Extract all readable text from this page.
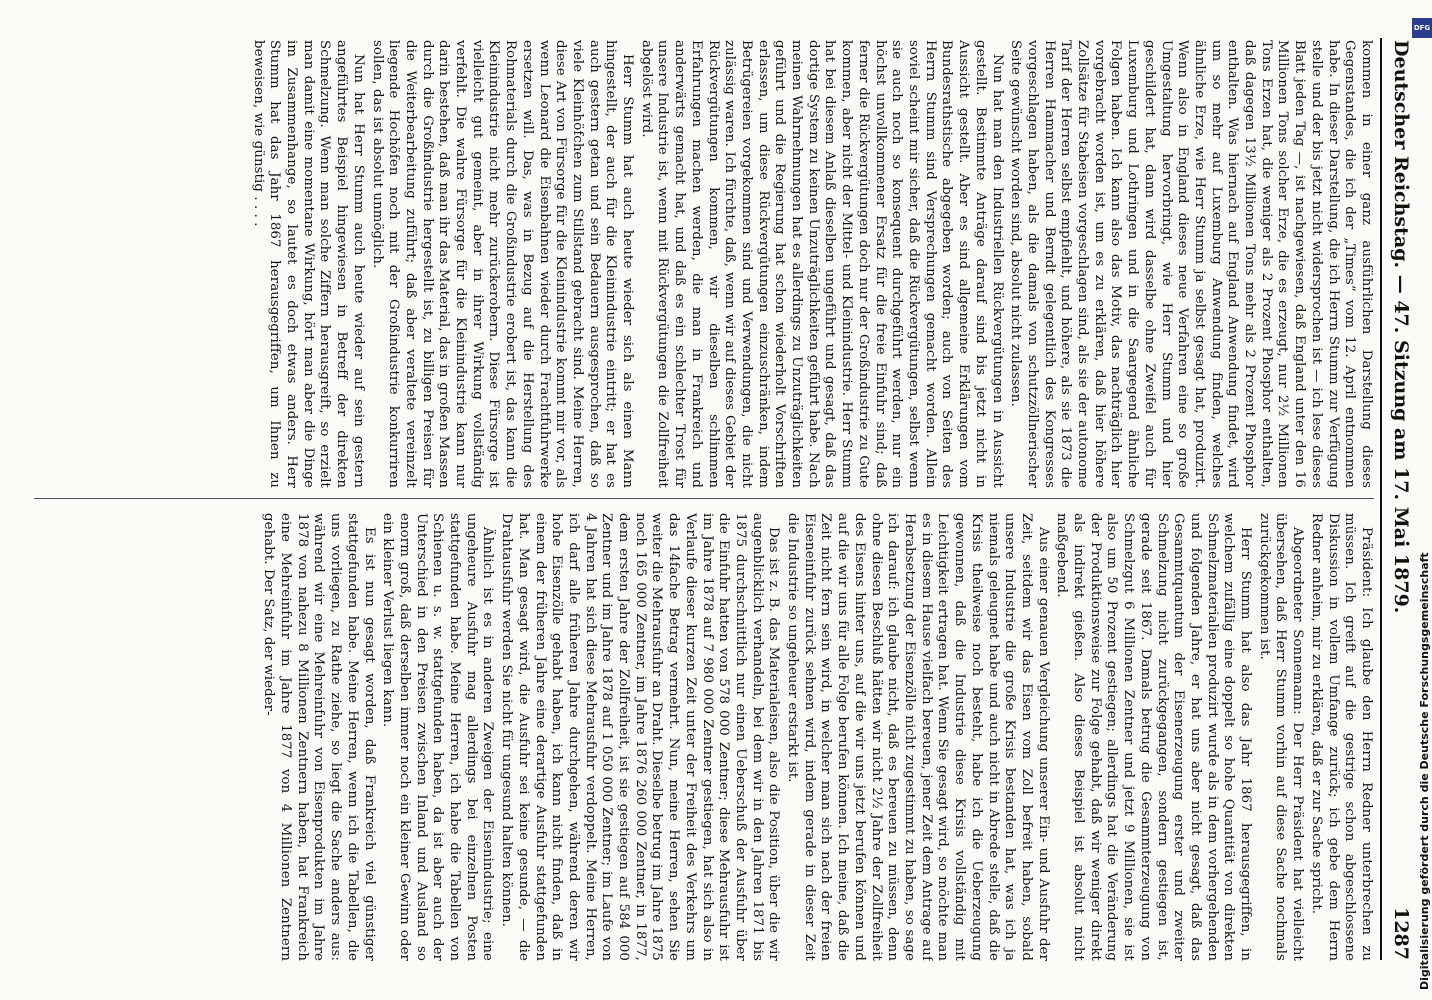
Deutscher Reichstag. — 47. Sitzung am 17. Mai 1879.
1287

kommen in einer ganz ausführlichen Darstellung dieses Gegenstandes, die ich der „Times“ vom 12. April entnommen habe. In dieser Darstellung, die ich Herrn Stumm zur Verfügung stelle und der bis jetzt nicht widersprochen ist — ich lese dieses Blatt jeden Tag —, ist nachgewiesen, daß England unter den 16 Millionen Tons solcher Erze, die es erzeugt, nur 2½ Millionen Tons Erzen hat, die weniger als 2 Prozent Phosphor enthalten, daß dagegen 13½ Millionen Tons mehr als 2 Prozent Phosphor enthalten. Was hiernach auf England Anwendung findet, wird um so mehr auf Luxemburg Anwendung finden, welches ähnliche Erze, wie Herr Stumm ja selbst gesagt hat, produzirt. Wenn also in England dieses neue Verfahren eine so große Umgestaltung hervorbringt, wie Herr Stumm und hier geschildert hat, dann wird dasselbe ohne Zweifel auch für Luxemburg und Lothringen und in die Saargegend ähnliche Folgen haben. Ich kann also das Motiv, das nachträglich hier vorgebracht worden ist, um es zu erklären, daß hier höhere Zollsätze für Stabeisen vorgeschlagen sind, als sie der autonome Tarif der Herren selbst empfiehlt, und höhere, als sie 1873 die Herren Hammacher und Berndt gelegentlich des Kongresses vorgeschlagen haben, als die damals von schutzzöllnerischer Seite gewünscht worden sind, absolut nicht zulassen.

Nun hat man den Industriellen Rückvergütungen in Aussicht gestellt. Bestimmte Anträge darauf sind bis jetzt nicht in Aussicht gestellt. Aber es sind allgemeine Erklärungen vom Bundesrathstische abgegeben worden; auch von Seiten des Herrn Stumm sind Versprechungen gemacht worden. Allein soviel scheint mir sicher, daß die Rückvergütungen, selbst wenn sie auch noch so konsequent durchgeführt werden, nur ein höchst unvollkommener Ersatz für die freie Einfuhr sind; daß ferner die Rückvergütungen doch nur der Großindustrie zu Gute kommen, aber nicht der Mittel- und Kleinindustrie. Herr Stumm hat bei diesem Anlaß dieselben ungeführt und gesagt, daß das dortige System zu keinen Unzuträglichkeiten geführt habe. Nach meinen Wahrnehmungen hat es allerdings zu Unzuträglichkeiten geführt und die Regierung hat schon wiederholt Vorschriften erlassen, um diese Rückvergütungen einzuschränken, indem Betrügereien vorgekommen sind und Verwendungen, die nicht zulässig waren. Ich fürchte, daß, wenn wir auf dieses Gebiet der Rückvergütungen kommen, wir dieselben schlimmen Erfahrungen machen werden, die man in Frankreich und anderwärts gemacht hat, und daß es ein schlechter Trost für unsere Industrie ist, wenn mit Rückvergütungen die Zollfreiheit abgelöst wird.

Herr Stumm hat auch heute wieder sich als einen Mann hingestellt, der auch für die Kleinindustrie eintritt; er hat es auch gestern getan und sein Bedauern ausgesprochen, daß so viele Kleinhöfchen zum Stillstand gebracht sind. Meine Herren, diese Art von Fürsorge für die Kleinindustrie kommt mir vor, als wenn Leonard die Eisenbahnen wieder durch Frachtfuhrwerke ersetzen will. Das, was in Bezug auf die Herstellung des Rohmaterials durch die Großindustrie erobert ist, das kann die Kleinindustrie nicht mehr zurückerobern. Diese Fürsorge ist vielleicht gut gemeint, aber in ihrer Wirkung vollständig verfehlt. Die wahre Fürsorge für die Kleinindustrie kann nur darin bestehen, daß man ihr das Material, das in großen Massen durch die Großindustrie hergestellt ist, zu billigen Preisen für die Weiterbearbeitung zuführt; daß aber veraltete vereinzelt liegende Hochöfen noch mit der Großindustrie konkurriren sollen, das ist absolut unmöglich.

Nun hat Herr Stumm auch heute wieder auf sein gestern angeführtes Beispiel hingewiesen in Betreff der direkten Schmelzung. Wenn man solche Ziffern herausgreift, so erzielt man damit eine momentane Wirkung, hört man aber die Dinge im Zusammenhange, so lautet es doch etwas anders. Herr Stumm hat das Jahr 1867 herausgegriffen, um Ihnen zu beweisen, wie günstig . . . .

Präsident: Ich glaube den Herrn Redner unterbrechen zu müssen. Ich greift auf die gestrige schon abgeschlossene Diskussion in vollem Umfange zurück; ich gebe dem Herrn Redner anheim, mir zu erklären, daß er zur Sache spricht.

Abgeordneter Sonnemann: Der Herr Präsident hat vielleicht übersehen, daß Herr Stumm vorhin auf diese Sache nochmals zurückgekommen ist.

Herr Stumm hat also das Jahr 1867 herausgegriffen, in welchem zufällig eine doppelt so hohe Quantität von direkten Schmelzmaterialien produzirt wurde als in dem vorhergehenden und folgenden Jahre, er hat uns aber nicht gesagt, daß das Gesammtquantum der Eisenerzeugung erster und zweiter Schmelzung nicht zurückgegangen, sondern gestiegen ist, gerade seit 1867. Damals betrug die Gesammterzeugung von Schmelzgut 6 Millionen Zentner und jetzt 9 Millionen, sie ist also um 50 Prozent gestiegen; allerdings hat die Veränderung der Produktionsweise zur Folge gehabt, daß wir weniger direkt als indirekt gießen. Also dieses Beispiel ist absolut nicht maßgebend.

Aus einer genauen Vergleichung unserer Ein- und Ausfuhr der Zeit, seitdem wir das Eisen vom Zoll befreit haben, sobald unsere Industrie die große Krisis bestanden hat, was ich ja niemals geleugnet habe und auch nicht in Abrede stelle, daß die Krisis theilweise noch besteht, habe ich die Ueberzeugung gewonnen, daß die Industrie diese Krisis vollständig mit Leichtigkeit ertragen hat. Wenn Sie gesagt wird, so möchte man es in diesem Hause vielfach bereuen, jener Zeit dem Antrage auf Herabsetzung der Eisenzölle nicht zugestimmt zu haben, so sage ich darauf: ich glaube nicht, daß es bereuen zu müssen, denn ohne diesen Beschluß hätten wir nicht 2½ Jahre der Zollfreiheit des Eisens hinter uns, auf die wir uns jetzt berufen können und auf die wir uns für alle Folge berufen können. Ich meine, daß die Zeit nicht fern sein wird, in welcher man sich nach der freien Eiseneinfuhr zurück sehnen wird, indem gerade in dieser Zeit die Industrie so ungeheuer erstarkt ist.

Das ist z. B. das Materialeisen, also die Position, über die wir augenblicklich verhandeln, bei dem wir in den Jahren 1871 bis 1875 durchschnittlich nur einen Ueberschuß der Ausfuhr über die Einfuhr hatten von 578 000 Zentner; diese Mehrausfuhr ist im Jahre 1878 auf 7 980 000 Zentner gestiegen, hat sich also in Verlaufe dieser kurzen Zeit unter der Freiheit des Verkehrs um das 14fache Betrag vermehrt. Nun, meine Herren, sehen Sie weiter die Mehrausfuhr an Draht. Dieselbe betrug im Jahre 1875 noch 165 000 Zentner, im Jahre 1876 260 000 Zentner, in 1877, dem ersten Jahre der Zollfreiheit, ist sie gestiegen auf 584 000 Zentner und im Jahre 1878 auf 1 050 000 Zentner; im Laufe von 4 Jahren hat sich diese Mehrausfuhr verdoppelt. Meine Herren, ich darf alle früheren Jahre durchgehen, während deren wir hohe Eisenzölle gehabt haben, ich kann nicht finden, daß in einem der früheren Jahre eine derartige Ausfuhr stattgefunden hat. Man gesagt wird, die Ausfuhr sei keine gesunde, — die Drahtausfuhr werden Sie nicht für ungesund halten können.

Ähnlich ist es in anderen Zweigen der Eisenindustrie; eine ungeheure Ausfuhr mag allerdings bei einzelnen Posten stattgefunden habe. Meine Herren, ich habe die Tabellen von Schienen u. s. w. stattgefunden haben, da ist aber auch der Unterschied in den Preisen zwischen Inland und Ausland so enorm groß, daß derselben immer noch ein kleiner Gewinn oder ein kleiner Verlust liegen kann.

Es ist nun gesagt worden, daß Frankreich viel günstiger stattgefunden habe. Meine Herren, wenn ich die Tabellen, die uns vorliegen, zu Rathe ziehe, so liegt die Sache anders aus: während wir eine Mehreinfuhr von Eisenprodukten im Jahre 1878 von nahezu 8 Millionen Zentnern haben, hat Frankreich eine Mehreinfuhr im Jahre 1877 von 4 Millionen Zentnern gehabt. Der Satz, der wieder-	Digitalisierung gefördert durch die Deutsche Forschungsgemeinschaft
DFG
